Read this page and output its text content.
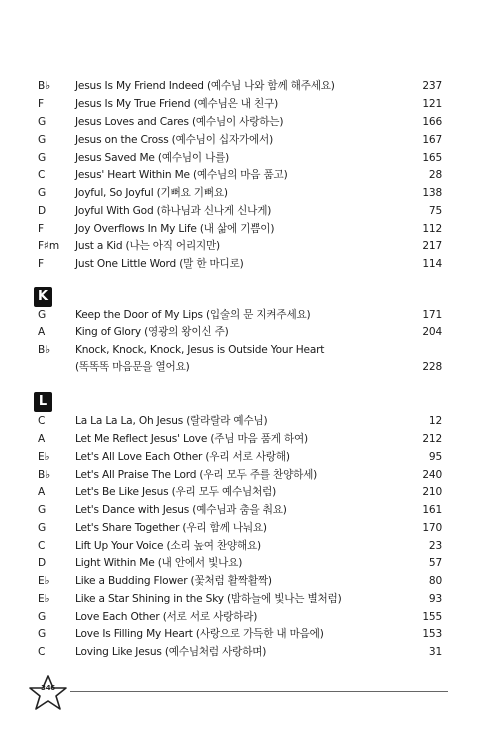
B♭ Jesus Is My Friend Indeed (예수님 나와 함께 해주세요)	237
F	Jesus Is My True Friend (예수님은 내 친구)	121
G	Jesus Loves and Cares (예수님이 사랑하는)	166
G	Jesus on the Cross (예수님이 십자가에서)	167
G	Jesus Saved Me (예수님이 나를)	165
C	Jesus' Heart Within Me (예수님의 마음 품고)	28
G	Joyful, So Joyful (기뻐요 기뻐요)	138
D	Joyful With God (하나님과 신나게 신나게)	75
F	Joy Overflows In My Life (내 삶에 기쁨이)	112
F♯m Just a Kid (나는 아직 어리지만)	217
F	Just One Little Word (말 한 마디로)	114
K
G	Keep the Door of My Lips (입술의 문 지켜주세요)	171
A	King of Glory (영광의 왕이신 주)	204
B♭ Knock, Knock, Knock, Jesus is Outside Your Heart
(똑똑똑 마음문을 열어요)	228
L
C	La La La La, Oh Jesus (랄라랄라 예수님)	12
A	Let Me Reflect Jesus' Love (주님 마음 품게 하여)	212
E♭ Let's All Love Each Other (우리 서로 사랑해)	95
B♭ Let's All Praise The Lord (우리 모두 주를 찬양하세)	240
A	Let's Be Like Jesus (우리 모두 예수님처럼)	210
G	Let's Dance with Jesus (예수님과 춤을 춰요)	161
G	Let's Share Together (우리 함께 나눠요)	170
C	Lift Up Your Voice (소리 높여 찬양해요)	23
D	Light Within Me (내 안에서 빛나요)	57
E♭ Like a Budding Flower (꽃처럼 활짝활짝)	80
E♭ Like a Star Shining in the Sky (밤하늘에 빛나는 별처럼)	93
G	Love Each Other (서로 서로 사랑하라)	155
G	Love Is Filling My Heart (사랑으로 가득한 내 마음에)	153
C	Loving Like Jesus (예수님처럼 사랑하며)	31
346
